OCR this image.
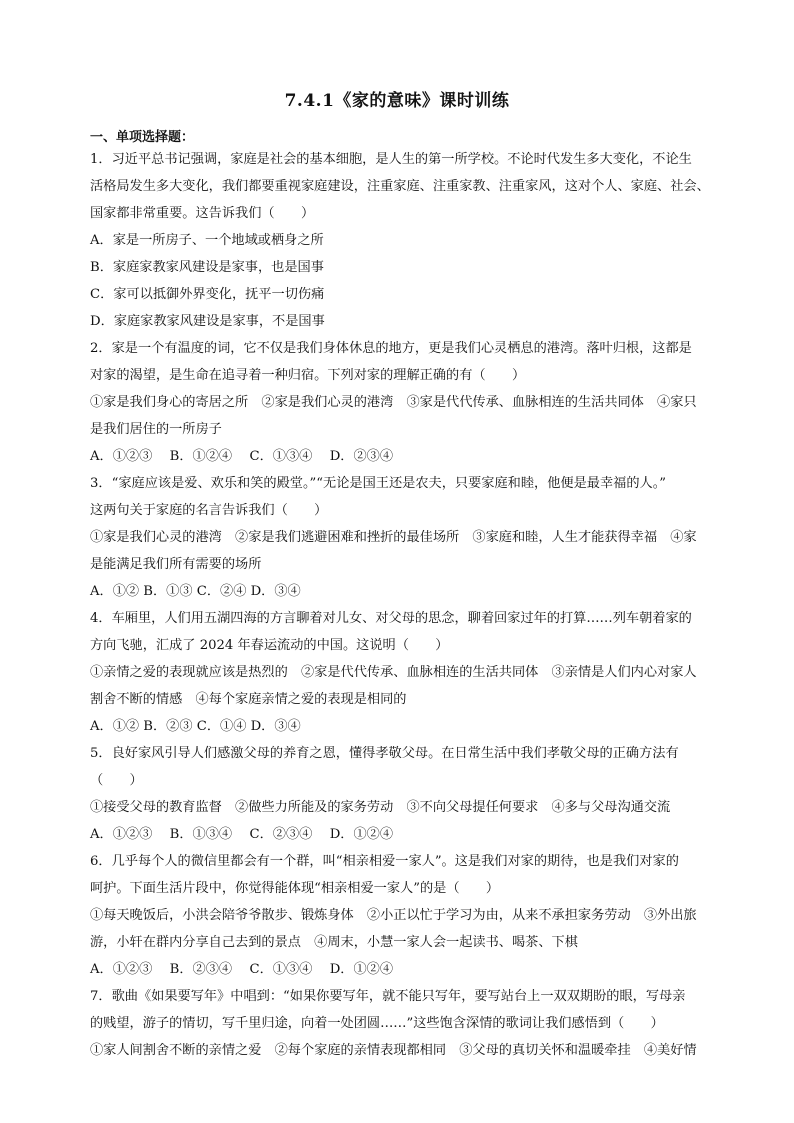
7.4.1《家的意味》课时训练
一、单项选择题：
1．习近平总书记强调，家庭是社会的基本细胞，是人生的第一所学校。不论时代发生多大变化，不论生
活格局发生多大变化，我们都要重视家庭建设，注重家庭、注重家教、注重家风，这对个人、家庭、社会、
国家都非常重要。这告诉我们（　　）
A．家是一所房子、一个地域或栖身之所
B．家庭家教家风建设是家事，也是国事
C．家可以抵御外界变化，抚平一切伤痛
D．家庭家教家风建设是家事，不是国事
2．家是一个有温度的词，它不仅是我们身体休息的地方，更是我们心灵栖息的港湾。落叶归根，这都是
对家的渴望，是生命在追寻着一种归宿。下列对家的理解正确的有（　　）
①家是我们身心的寄居之所　②家是我们心灵的港湾　③家是代代传承、血脉相连的生活共同体　④家只
是我们居住的一所房子
A．①②③　 B．①②④　 C．①③④　 D．②③④
3．“家庭应该是爱、欢乐和笑的殿堂。”“无论是国王还是农夫，只要家庭和睦，他便是最幸福的人。”
这两句关于家庭的名言告诉我们（　　）
①家是我们心灵的港湾　②家是我们逃避困难和挫折的最佳场所　③家庭和睦，人生才能获得幸福　④家
是能满足我们所有需要的场所
A．①② B．①③ C．②④ D．③④
4．车厢里，人们用五湖四海的方言聊着对儿女、对父母的思念，聊着回家过年的打算……列车朝着家的
方向飞驰，汇成了 2024 年春运流动的中国。这说明（　　）
①亲情之爱的表现就应该是热烈的　②家是代代传承、血脉相连的生活共同体　③亲情是人们内心对家人
割舍不断的情感　④每个家庭亲情之爱的表现是相同的
A．①② B．②③ C．①④ D．③④
5．良好家风引导人们感激父母的养育之恩，懂得孝敬父母。在日常生活中我们孝敬父母的正确方法有
（　　）
①接受父母的教育监督　②做些力所能及的家务劳动　③不向父母提任何要求　④多与父母沟通交流
A．①②③　 B．①③④　 C．②③④　 D．①②④
6．几乎每个人的微信里都会有一个群，叫“相亲相爱一家人”。这是我们对家的期待，也是我们对家的
呵护。下面生活片段中，你觉得能体现“相亲相爱一家人”的是（　　）
①每天晚饭后，小洪会陪爷爷散步、锻炼身体　②小正以忙于学习为由，从来不承担家务劳动　③外出旅
游，小轩在群内分享自己去到的景点　④周末，小慧一家人会一起读书、喝茶、下棋
A．①②③　 B．②③④　 C．①③④　 D．①②④
7．歌曲《如果要写年》中唱到：“如果你要写年，就不能只写年，要写站台上一双双期盼的眼，写母亲
的贱望，游子的情切，写千里归途，向着一处团圆……”这些饱含深情的歌词让我们感悟到（　　）
①家人间割舍不断的亲情之爱　②每个家庭的亲情表现都相同　③父母的真切关怀和温暖牵挂　④美好情
